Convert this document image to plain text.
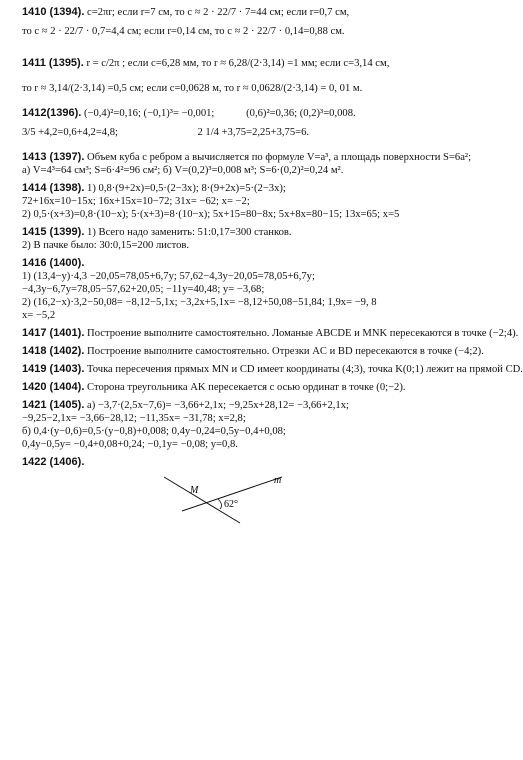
1410 (1394). c=2πr; если r=7 см, то c ≈ 2 · 22/7 · 7=44 см; если r=0,7 см,
то c ≈ 2 · 22/7 · 0,7=4,4 см; если r=0,14 см, то c ≈ 2 · 22/7 · 0,14=0,88 см.
1411 (1395). r = c/2π ; если c=6,28 мм, то r ≈ 6,28/(2·3,14) =1 мм; если c=3,14 см,
то r ≈ 3,14/(2·3,14) =0,5 см; если c=0,0628 м, то r ≈ 0,0628/(2·3,14) = 0, 01 м.
1412(1396). (−0,4)²=0,16; (−0,1)³= −0,001;            (0,6)²=0,36; (0,2)³=0,008.
3/5 +4,2=0,6+4,2=4,8;                              2 1/4 +3,75=2,25+3,75=6.
1413 (1397). Объем куба с ребром a вычисляется по формуле V=a³, а площадь поверхности S=6a²;
а) V=4³=64 см³; S=6·4²=96 см²; б) V=(0,2)³=0,008 м³; S=6·(0,2)²=0,24 м².
1414 (1398). 1) 0,8·(9+2x)=0,5·(2−3x); 8·(9+2x)=5·(2−3x);
72+16x=10−15x; 16x+15x=10−72; 31x= −62; x= −2;
2) 0,5·(x+3)=0,8·(10−x); 5·(x+3)=8·(10−x); 5x+15=80−8x; 5x+8x=80−15; 13x=65; x=5
1415 (1399). 1) Всего надо заменить: 51:0,17=300 станков.
2) В пачке было: 30:0,15=200 листов.
1416 (1400).
1) (13,4−y)·4,3 −20,05=78,05+6,7y; 57,62−4,3y−20,05=78,05+6,7y;
−4,3y−6,7y=78,05−57,62+20,05; −11y=40,48; y= −3,68;
2) (16,2−x)·3,2−50,08= −8,12−5,1x; −3,2x+5,1x= −8,12+50,08−51,84; 1,9x= −9, 8
x= −5,2
1417 (1401). Построение выполните самостоятельно. Ломаные ABCDE и MNK пересекаются в точке (−2;4).
1418 (1402). Построение выполните самостоятельно. Отрезки AC и BD пересекаются в точке (−4;2).
1419 (1403). Точка пересечения прямых MN и CD имеет координаты (4;3), точка K(0;1) лежит на прямой CD.
1420 (1404). Сторона треугольника AK пересекается с осью ординат в точке (0;−2).
1421 (1405). а) −3,7·(2,5x−7,6)= −3,66+2,1x; −9,25x+28,12= −3,66+2,1x;
−9,25−2,1x= −3,66−28,12; −11,35x= −31,78; x=2,8;
б) 0,4·(y−0,6)=0,5·(y−0,8)+0,008; 0,4y−0,24=0,5y−0,4+0,08;
0,4y−0,5y= −0,4+0,08+0,24; −0,1y= −0,08; y=0,8.
1422 (1406).
M
m
62°
